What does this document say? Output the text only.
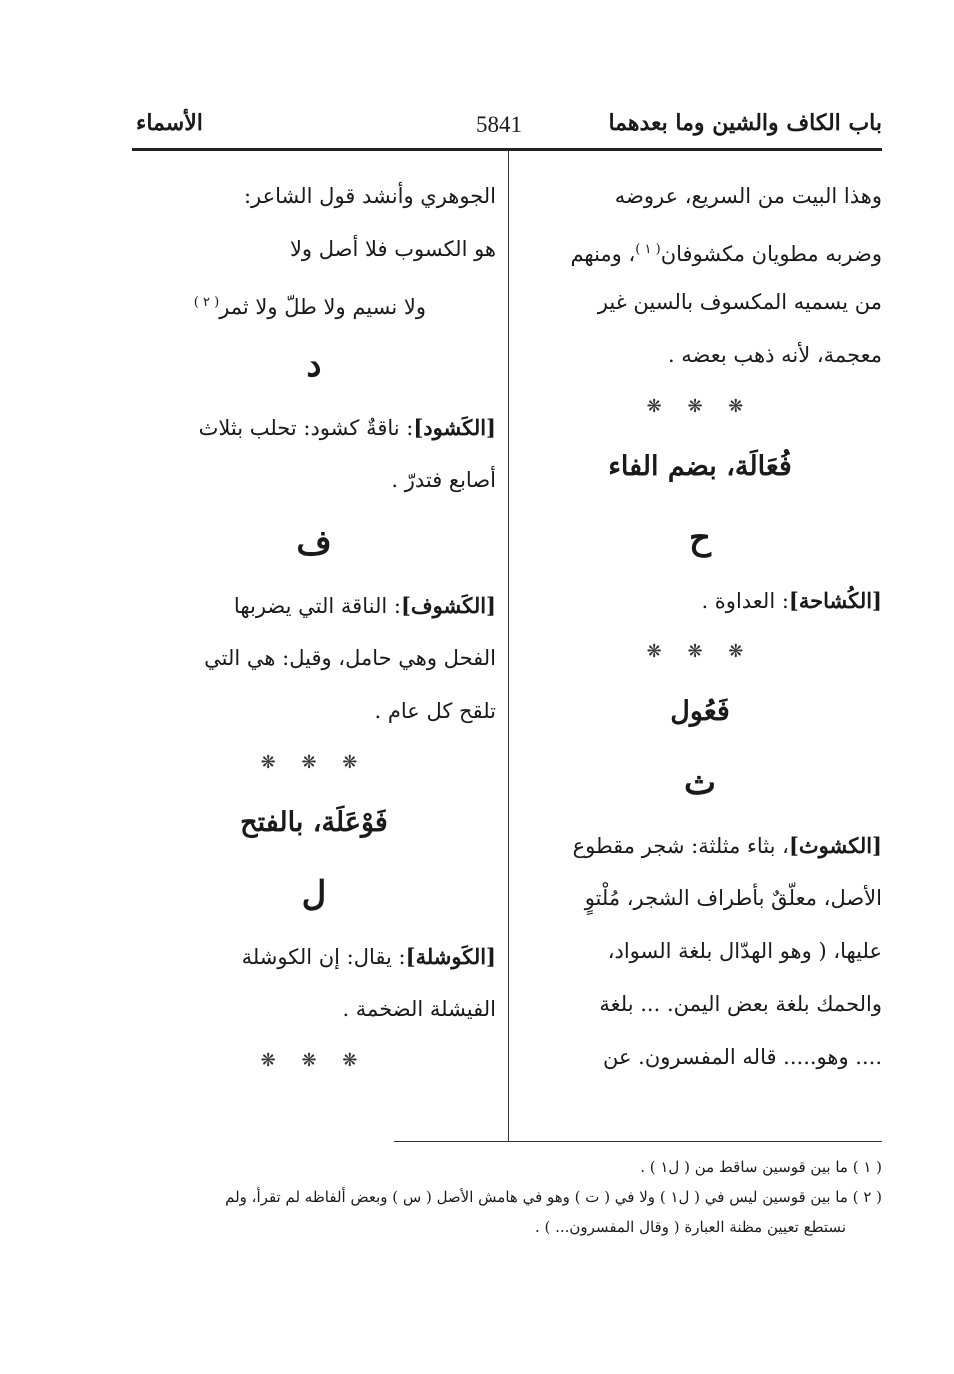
باب الكاف والشين وما بعدهما
5841
الأسماء
وهذا البيت من السريع، عروضه
وضربه مطويان مكشوفان$^{( ١ )}$، ومنهم
من يسميه المكسوف بالسين غير
معجمة، لأنه ذهب بعضه .
❋ ❋ ❋
فُعَالَة، بضم الفاء
ح
[الكُشاحة]: العداوة .
❋ ❋ ❋
فَعُول
ث
[الكشوث]، بثاء مثلثة: شجر مقطوع
الأصل، معلّقٌ بأطراف الشجر، مُلْتوٍ
عليها، ( وهو الهدّال بلغة السواد،
والحمك بلغة بعض اليمن. ... بلغة
.... وهو..... قاله المفسرون. عن
الجوهري وأنشد قول الشاعر:
هو الكسوب فلا أصل ولا
ولا نسيم ولا طلّ ولا ثمر$^{( ٢ )}$
د
[الكَشود]: ناقةٌ كشود: تحلب بثلاث
أصابع فتدرّ .
ف
[الكَشوف]: الناقة التي يضربها
الفحل وهي حامل، وقيل: هي التي
تلقح كل عام .
❋ ❋ ❋
فَوْعَلَة، بالفتح
ل
[الكَوشلة]: يقال: إن الكوشلة
الفيشلة الضخمة .
❋ ❋ ❋
( ١ ) ما بين قوسين ساقط من ( ل١ ) .
( ٢ ) ما بين قوسين ليس في ( ل١ ) ولا في ( ت ) وهو في هامش الأصل ( س ) وبعض ألفاظه لم تقرأ، ولم
نستطع تعيين مظنة العبارة ( وقال المفسرون... ) .
